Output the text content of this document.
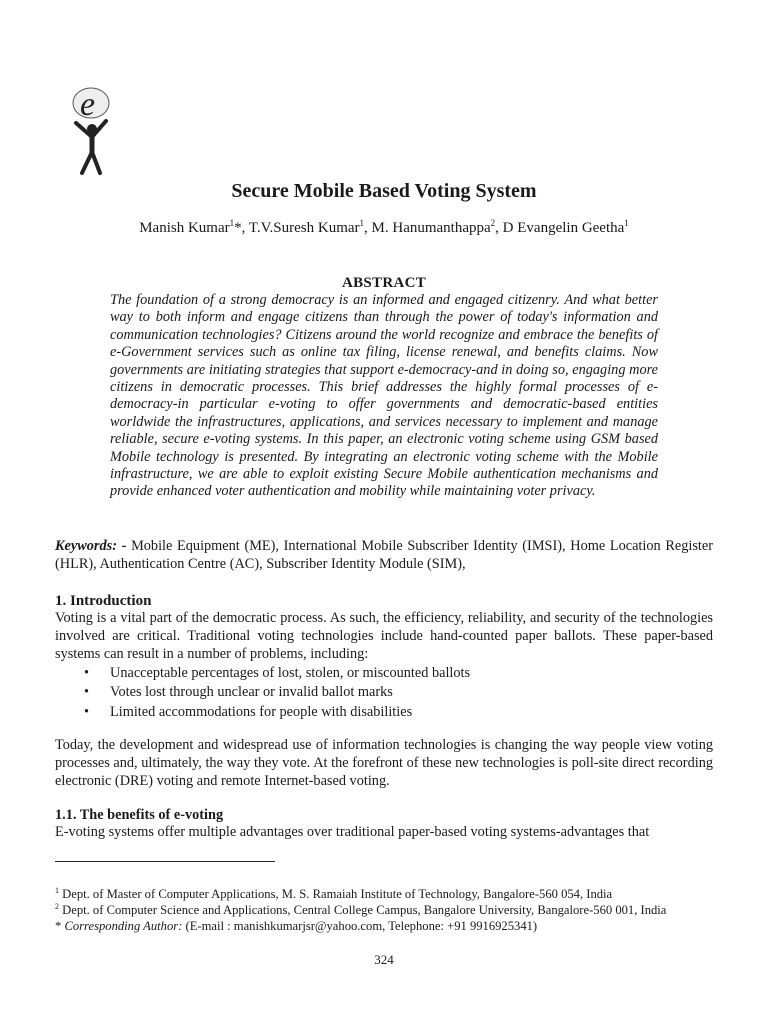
e
Secure Mobile Based Voting System
Manish Kumar$^1$*, T.V.Suresh Kumar$^1$, M. Hanumanthappa$^2$, D Evangelin Geetha$^1$
ABSTRACT
The foundation of a strong democracy is an informed and engaged citizenry. And what better way to both inform and engage citizens than through the power of today's information and communication technologies? Citizens around the world recognize and embrace the benefits of e-Government services such as online tax filing, license renewal, and benefits claims. Now governments are initiating strategies that support e-democracy-and in doing so, engaging more citizens in democratic processes. This brief addresses the highly formal processes of e-democracy-in particular e-voting to offer governments and democratic-based entities worldwide the infrastructures, applications, and services necessary to implement and manage reliable, secure e-voting systems. In this paper, an electronic voting scheme using GSM based Mobile technology is presented. By integrating an electronic voting scheme with the Mobile infrastructure, we are able to exploit existing Secure Mobile authentication mechanisms and provide enhanced voter authentication and mobility while maintaining voter privacy.
Keywords: - Mobile Equipment (ME), International Mobile Subscriber Identity (IMSI), Home Location Register (HLR), Authentication Centre (AC), Subscriber Identity Module (SIM),
1. Introduction
Voting is a vital part of the democratic process. As such, the efficiency, reliability, and security of the technologies involved are critical. Traditional voting technologies include hand-counted paper ballots. These paper-based systems can result in a number of problems, including:
• Unacceptable percentages of lost, stolen, or miscounted ballots
• Votes lost through unclear or invalid ballot marks
• Limited accommodations for people with disabilities
Today, the development and widespread use of information technologies is changing the way people view voting processes and, ultimately, the way they vote. At the forefront of these new technologies is poll-site direct recording electronic (DRE) voting and remote Internet-based voting.
1.1. The benefits of e-voting
E-voting systems offer multiple advantages over traditional paper-based voting systems-advantages that
$^1$ Dept. of Master of Computer Applications, M. S. Ramaiah Institute of Technology, Bangalore-560 054, India
$^2$ Dept. of Computer Science and Applications, Central College Campus, Bangalore University, Bangalore-560 001, India
* Corresponding Author: (E-mail : manishkumarjsr@yahoo.com, Telephone: +91 9916925341)
324
